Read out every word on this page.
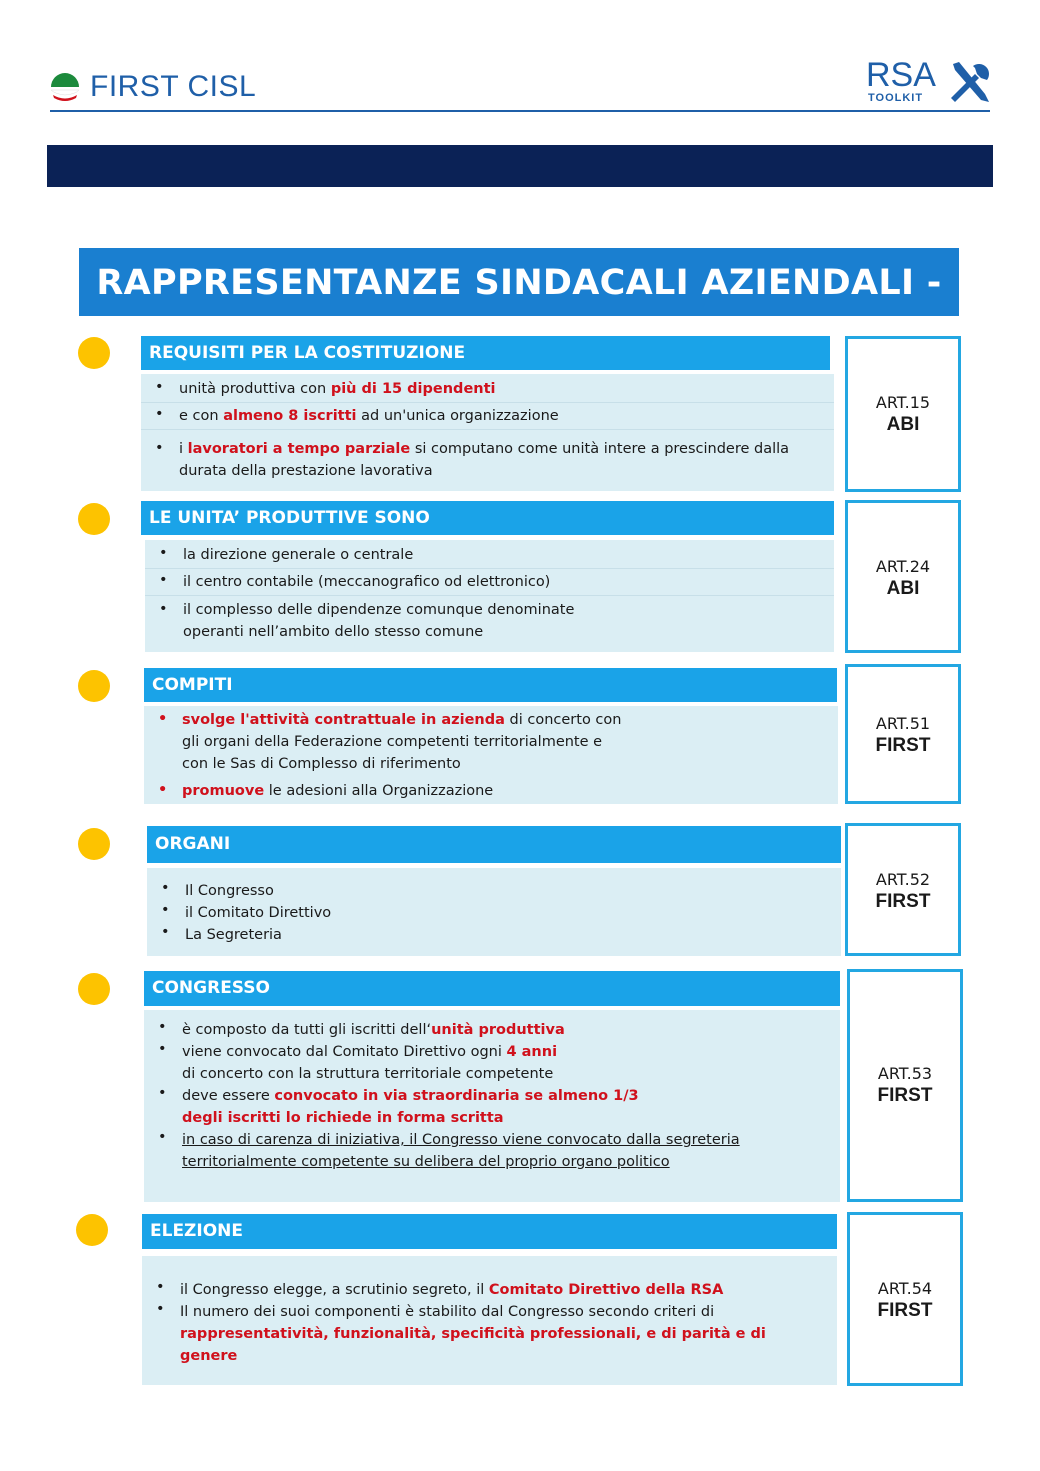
FIRST CISL	RSA
TOOLKIT
RAPPRESENTANZE SINDACALI AZIENDALI -
REQUISITI PER LA COSTITUZIONE
• unità produttiva con più di 15 dipendenti
• e con almeno 8 iscritti ad un'unica organizzazione
• i lavoratori a tempo parziale si computano come unità intere a prescindere dalla
durata della prestazione lavorativa
ART.15
ABI
LE UNITA’ PRODUTTIVE SONO
• la direzione generale o centrale
• il centro contabile (meccanografico od elettronico)
• il complesso delle dipendenze comunque denominate
operanti nell’ambito dello stesso comune
ART.24
ABI
COMPITI
• svolge l'attività contrattuale in azienda di concerto con
gli organi della Federazione competenti territorialmente e
con le Sas di Complesso di riferimento
• promuove le adesioni alla Organizzazione
ART.51
FIRST
ORGANI
• Il Congresso
• il Comitato Direttivo
• La Segreteria
ART.52
FIRST
CONGRESSO
• è composto da tutti gli iscritti dell‘unità produttiva
• viene convocato dal Comitato Direttivo ogni 4 anni
di concerto con la struttura territoriale competente
• deve essere convocato in via straordinaria se almeno 1/3
degli iscritti lo richiede in forma scritta
• in caso di carenza di iniziativa, il Congresso viene convocato dalla segreteria
territorialmente competente su delibera del proprio organo politico
ART.53
FIRST
ELEZIONE
• il Congresso elegge, a scrutinio segreto, il Comitato Direttivo della RSA
• Il numero dei suoi componenti è stabilito dal Congresso secondo criteri di
rappresentatività, funzionalità, specificità professionali, e di parità e di genere
ART.54
FIRST
